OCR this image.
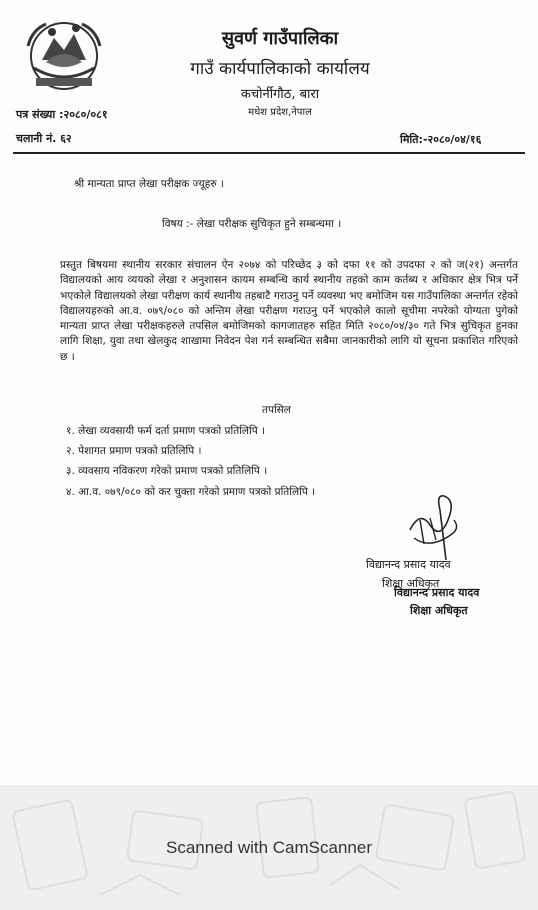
सुवर्ण गाउँपालिका
गाउँ कार्यपालिकाको कार्यालय
कचोर्नीगौठ, बारा
मधेश प्रदेश,नेपाल
पत्र संख्या :२०८०/०८१
चलानी नं. ६२	मिति:-२०८०/०४/१६
श्री मान्यता प्राप्त लेखा परीक्षक ज्यूहरु ।
विषय :- लेखा परीक्षक सुचिकृत हुने सम्बन्धमा ।
प्रस्तुत बिषयमा स्थानीय सरकार संचालन ऐन २०७४ को परिच्छेद ३ को दफा ११ को उपदफा २ को ज(२१) अन्तर्गत विद्यालयको आय व्ययको लेखा र अनुशासन कायम सम्बन्धि कार्य स्थानीय तहको काम कर्तब्य र अधिकार क्षेत्र भित्र पर्ने भएकोले विद्यालयको लेखा परीक्षण कार्य स्थानीय तहबाटै गराउनु पर्ने व्यवस्था भए बमोजिम यस गाउँपालिका अन्तर्गत रहेको विद्यालयहरुको आ.व. ०७९/०८० को अन्तिम लेखा परीक्षण गराउनु पर्ने भएकोले कालो सूचीमा नपरेको योग्यता पुगेको मान्यता प्राप्त लेखा परीक्षकहरुले तपसिल बमोजिमको कागजातहरु सहित मिति २०८०/०४/३० गते भित्र सुचिकृत हुनका लागि शिक्षा, युवा तथा खेलकुद शाखामा निवेदन पेश गर्न सम्बन्धित सबैमा जानकारीको लागि यो सूचना प्रकाशित गरिएको छ ।
तपसिल
१. लेखा व्यवसायी फर्म दर्ता प्रमाण पत्रको प्रतिलिपि ।
२. पेशागत प्रमाण पत्रको प्रतिलिपि ।
३. व्यवसाय नविकरण गरेको प्रमाण पत्रको प्रतिलिपि ।
४. आ.व. ०७९/०८० को कर चुक्ता गरेको प्रमाण पत्रको प्रतिलिपि ।
विद्यानन्द प्रसाद यादव
शिक्षा अधिकृत
विद्यानन्द प्रसाद यादव
शिक्षा अधिकृत
Scanned with CamScanner
